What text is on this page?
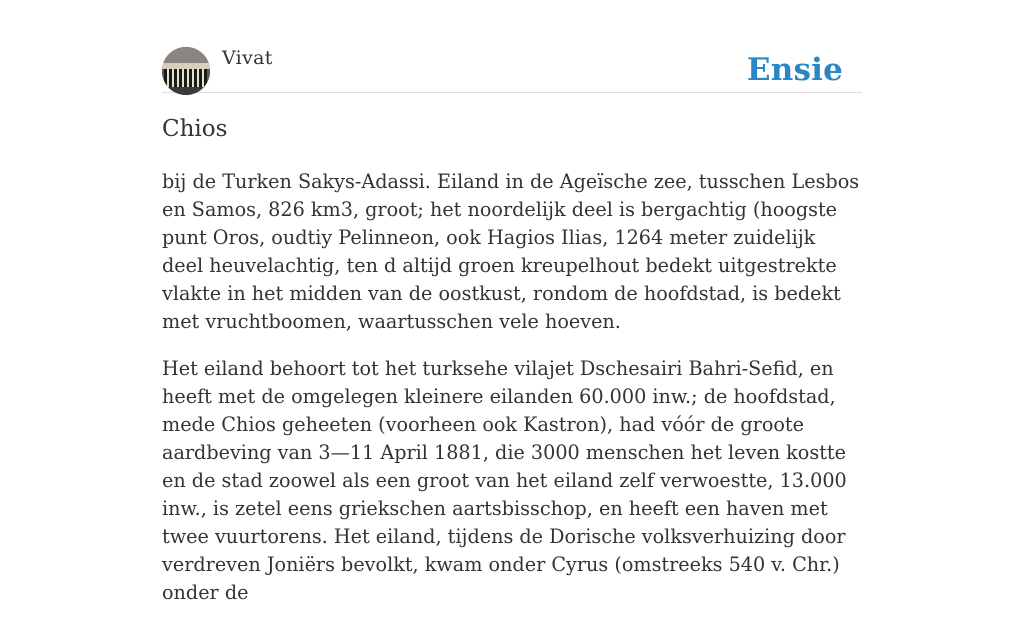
Vivat	Ensie
Chios

bij de Turken Sakys-Adassi. Eiland in de Ageïsche zee, tusschen Lesbos en Samos, 826 km3, groot; het noordelijk deel is bergachtig (hoogste punt Oros, oudtiy Pelinneon, ook Hagios Ilias, 1264 meter zuidelijk deel heuvelachtig, ten d altijd groen kreupelhout bedekt uitgestrekte vlakte in het midden van de oostkust, rondom de hoofdstad, is bedekt met vruchtboomen, waartusschen vele hoeven.

Het eiland behoort tot het turksehe vilajet Dschesairi Bahri-Sefid, en heeft met de omgelegen kleinere eilanden 60.000 inw.; de hoofdstad, mede Chios geheeten (voorheen ook Kastron), had vóór de groote aardbeving van 3—11 April 1881, die 3000 menschen het leven kostte en de stad zoowel als een groot van het eiland zelf verwoestte, 13.000 inw., is zetel eens griekschen aartsbisschop, en heeft een haven met twee vuurtorens. Het eiland, tijdens de Dorische volksverhuizing door verdreven Joniërs bevolkt, kwam onder Cyrus (omstreeks 540 v. Chr.) onder de
